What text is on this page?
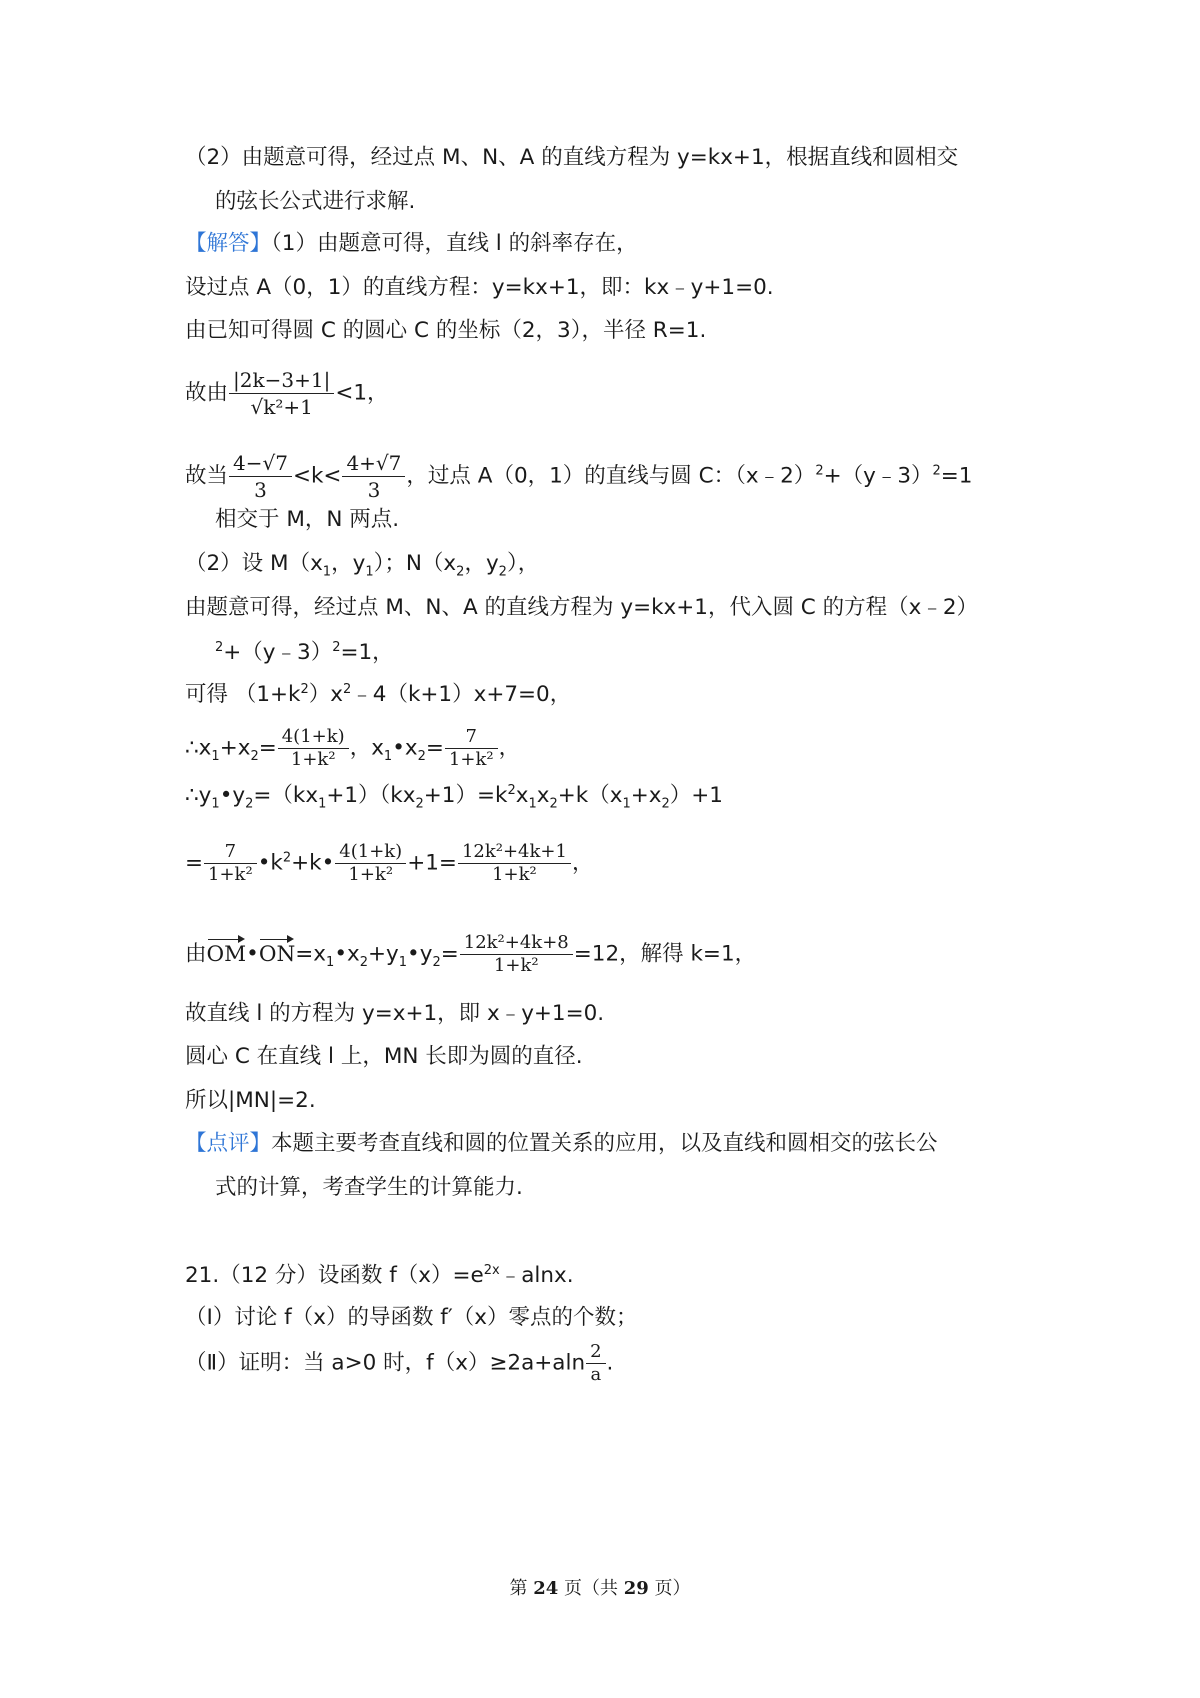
（2）由题意可得，经过点 M、N、A 的直线方程为 y=kx+1，根据直线和圆相交
的弦长公式进行求解.
【解答】（1）由题意可得，直线 l 的斜率存在，
设过点 A（0，1）的直线方程：y=kx+1，即：kx﹣y+1=0.
由已知可得圆 C 的圆心 C 的坐标（2，3），半径 R=1.
故由 $\frac{|2k-3+1|}{\text{√k²+1}} <1$，
故当 $\frac{4-√7}{3} <k< \frac{4+√7}{3}$ ，过点 A（0，1）的直线与圆 C：（x﹣2）$^2$+（y﹣3）$^2$=1
相交于 M，N 两点.
（2）设 $M(x_1$，$y_1$）；$N(x_2$，$y_2$），
由题意可得，经过点 M、N、A 的直线方程为 y=kx+1，代入圆 C 的方程（x﹣2）
$^2$+（y﹣3）$^2$=1，
可得 $(1+k^2)x^2﹣4(k+1)x+7=0$，
$\therefore x_1+x_2= \frac{4(1+k)}{\text{1+k²}}$ ，$x_1•x_2= \frac{7}{\text{1+k²}}$ ，
$\therefore y_1•y_2=(kx_1+1)(kx_2+1)=k^2x_1x_2+k(x_1+x_2)+1$
= $\frac{7}{\text{1+k²}}$ $•k^2+k• \frac{4(1+k)}{\text{1+k²}} +1= \frac{\text{12k²+4k+1}}{\text{1+k²}}$ ，
由$OM•ON=x_1•x_2+y_1•y_2= \frac{\text{12k²+4k+8}}{\text{1+k²}} =12$，解得 k=1，
故直线 l 的方程为 y=x+1，即 x﹣y+1=0.
圆心 C 在直线 l 上，MN 长即为圆的直径.
所以|MN|=2.
【点评】本题主要考查直线和圆的位置关系的应用，以及直线和圆相交的弦长公
式的计算，考查学生的计算能力.
21.（12 分）设函数 $f(x)=e^{2x}﹣alnx$.
（Ⅰ）讨论 f（x）的导函数 f′（x）零点的个数；
（Ⅱ）证明：当 a>0 时，$f(x)\ge 2a+aln \frac{2}{a}$ .
第 24 页（共 29 页）
